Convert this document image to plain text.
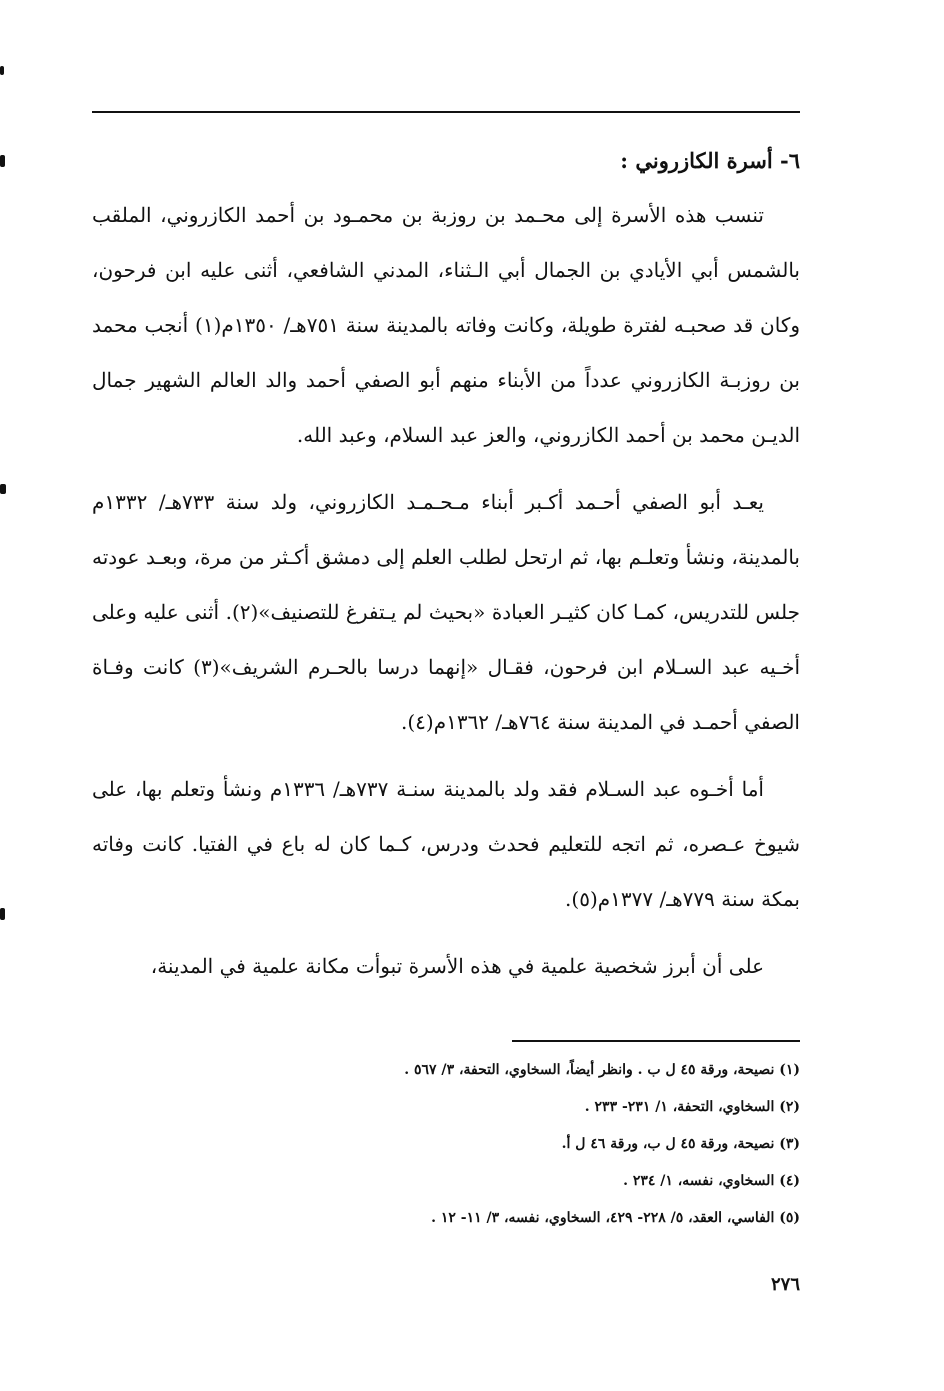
٦- أسرة الكازروني :

تنسب هذه الأسرة إلى محـمد بن روزبة بن محمـود بن أحمد الكازروني، الملقب بالشمس أبي الأيادي بن الجمال أبي الـثناء، المدني الشافعي، أثنى عليه ابن فرحون، وكان قد صحبـه لفترة طويلة، وكانت وفاته بالمدينة سنة ٧٥١هـ/ ١٣٥٠م(١) أنجب محمد بن روزبـة الكازروني عدداً من الأبناء منهم أبو الصفي أحمد والد العالم الشهير جمال الديـن محمد بن أحمد الكازروني، والعز عبد السلام، وعبد الله.

يعـد أبو الصفي أحـمد أكـبر أبناء مـحـمـد الكازروني، ولد سنة ٧٣٣هـ/ ١٣٣٢م بالمدينة، ونشأ وتعلـم بها، ثم ارتحل لطلب العلم إلى دمشق أكـثر من مرة، وبعـد عودته جلس للتدريس، كمـا كان كثيـر العبادة «بحيث لم يـتفرغ للتصنيف»(٢). أثنى عليه وعلى أخـيه عبد السـلام ابن فرحون، فقـال «إنهما درسا بالحـرم الشريف»(٣) كانت وفـاة الصفي أحمـد في المدينة سنة ٧٦٤هـ/ ١٣٦٢م(٤).

أما أخـوه عبد السـلام فقد ولد بالمدينة سنـة ٧٣٧هـ/ ١٣٣٦م ونشأ وتعلم بها، على شيوخ عـصره، ثم اتجه للتعليم فحدث ودرس، كـما كان له باع في الفتيا. كانت وفاته بمكة سنة ٧٧٩هـ/ ١٣٧٧م(٥).

على أن أبرز شخصية علمية في هذه الأسرة تبوأت مكانة علمية في المدينة،

(١) نصيحة، ورقة ٤٥ ل ب . وانظر أيضاً، السخاوي، التحفة، ٣/ ٥٦٧ .

(٢) السخاوي، التحفة، ١/ ٢٣١- ٢٣٣ .

(٣) نصيحة، ورقة ٤٥ ل ب، ورقة ٤٦ ل أ.

(٤) السخاوي، نفسه، ١/ ٢٣٤ .

(٥) الفاسي، العقد، ٥/ ٢٢٨- ٤٢٩، السخاوي، نفسه، ٣/ ١١- ١٢ .

٢٧٦
